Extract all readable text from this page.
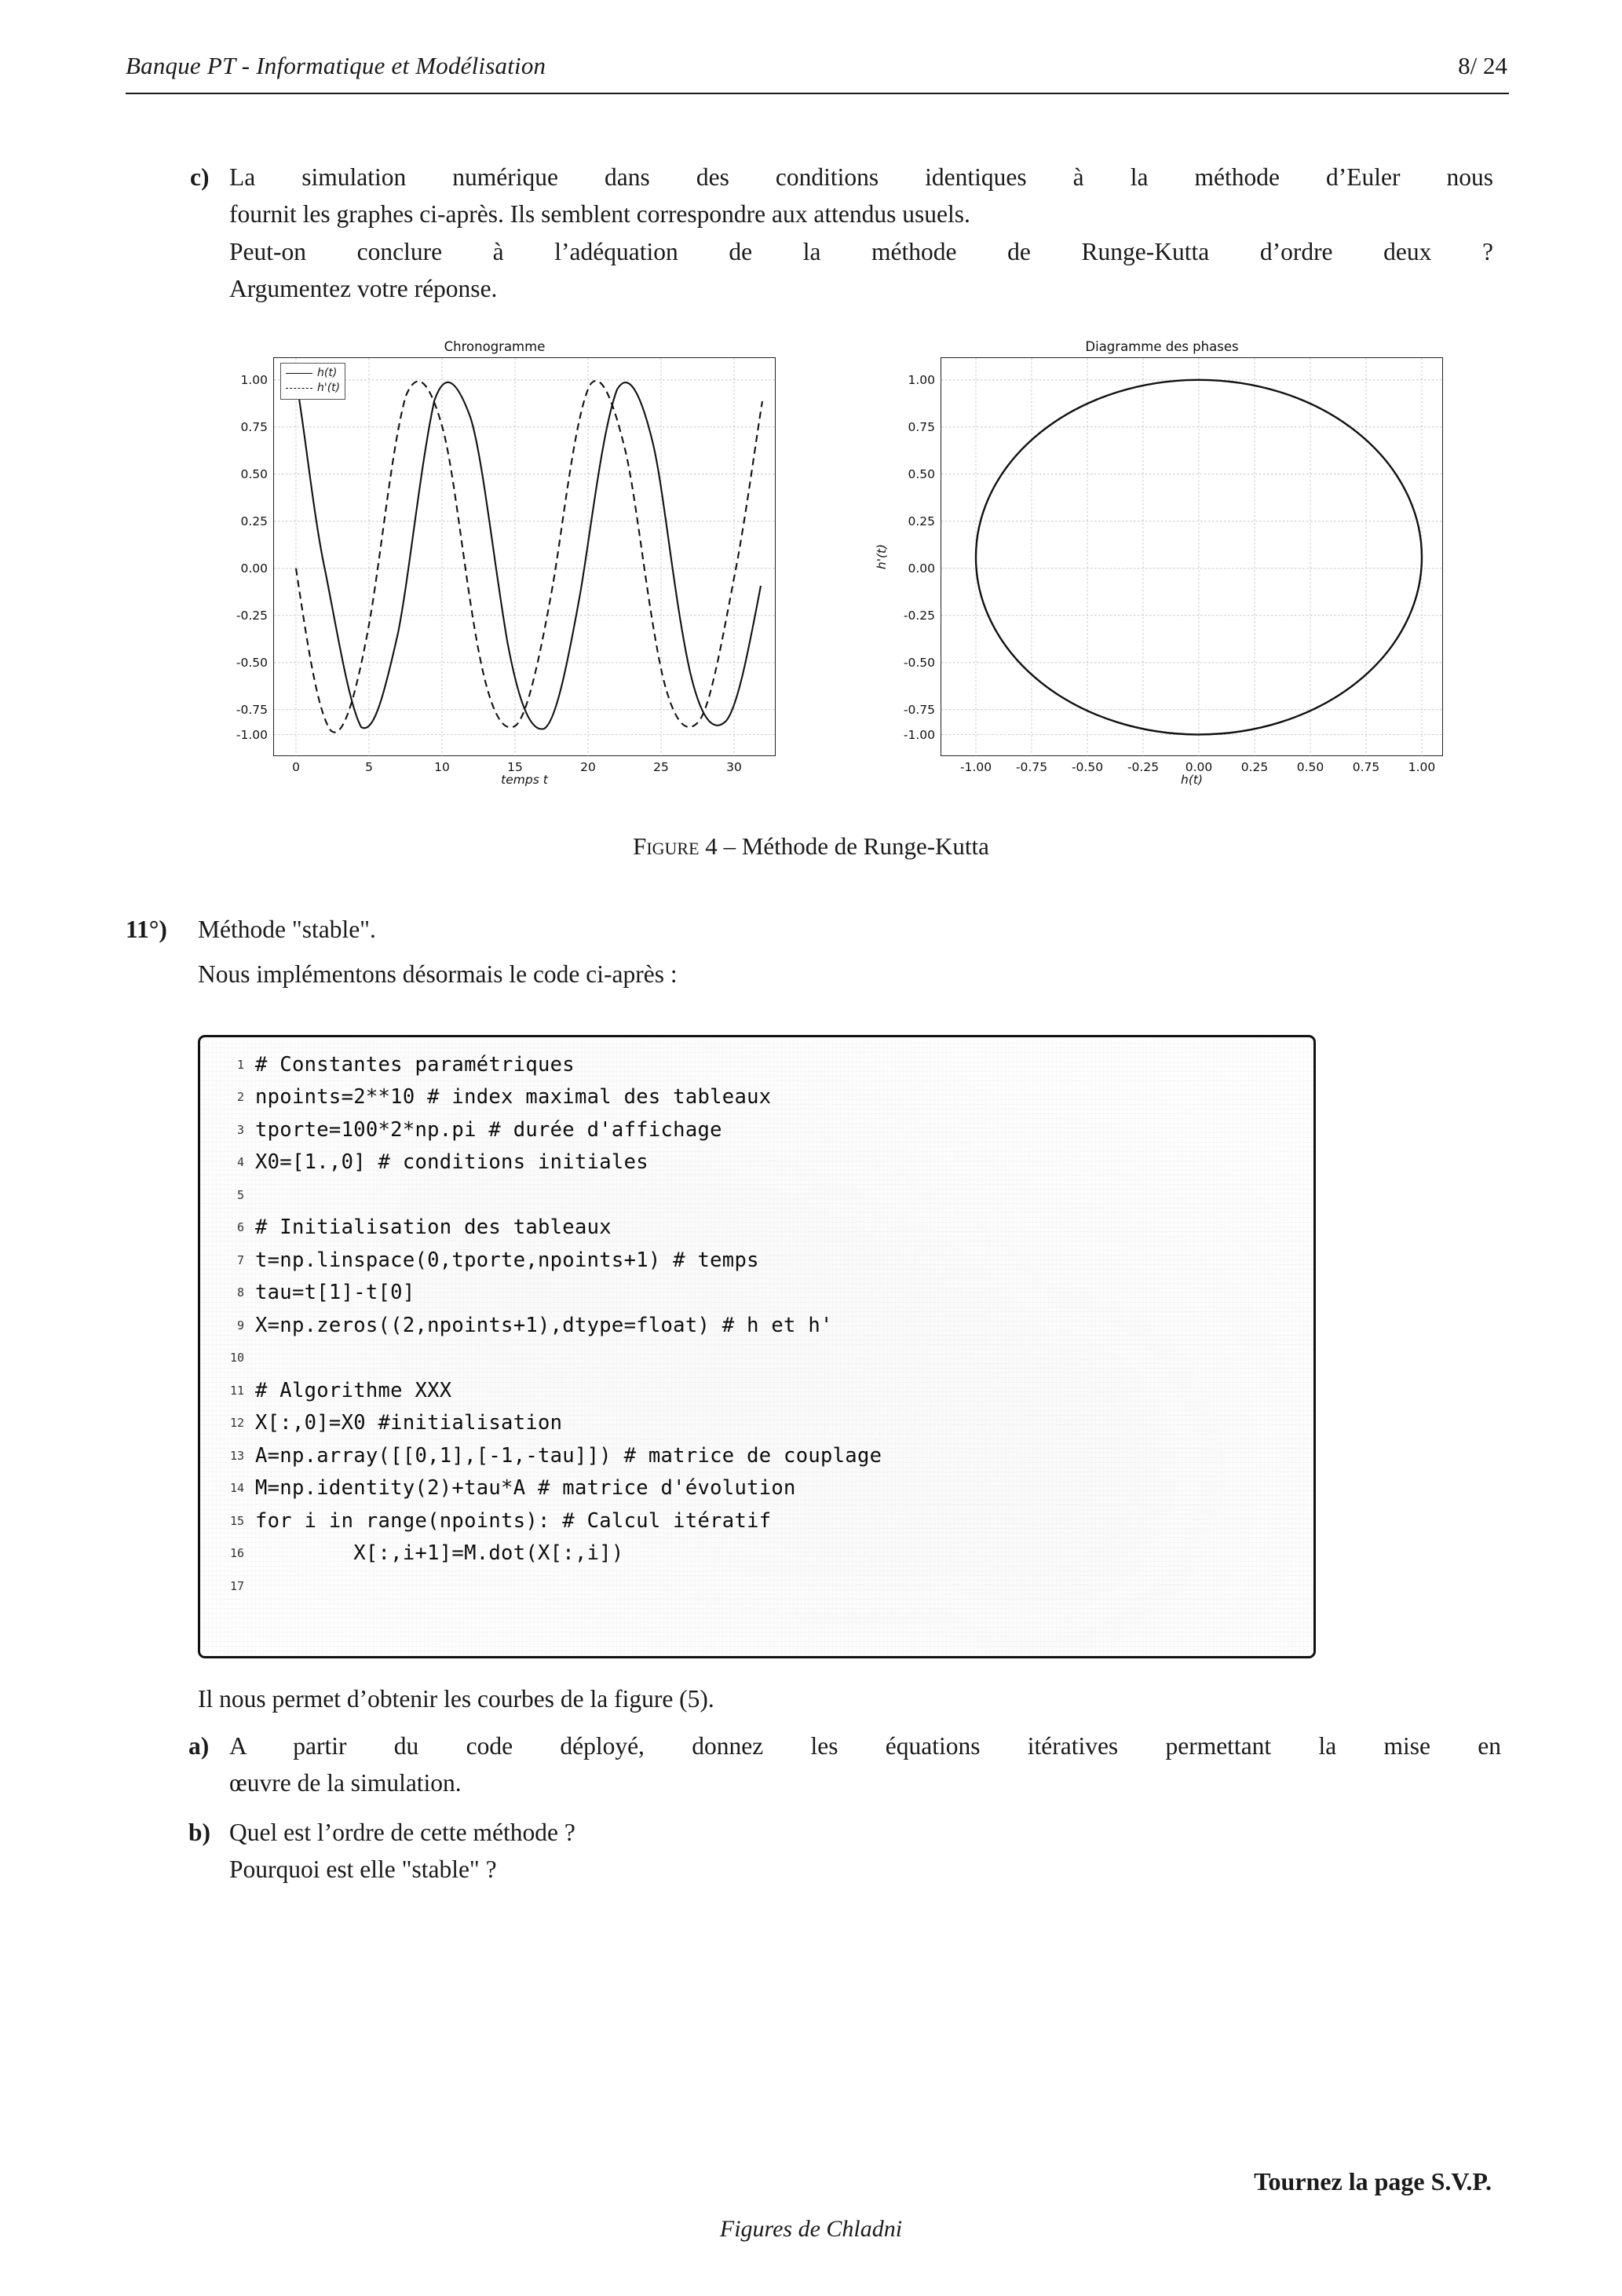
Banque PT - Informatique et Modélisation	8/ 24
c) La simulation numérique dans des conditions identiques à la méthode d’Euler nous

fournit les graphes ci-après. Ils semblent correspondre aux attendus usuels.

Peut-on conclure à l’adéquation de la méthode de Runge-Kutta d’ordre deux ?

Argumentez votre réponse.

Chronogramme
h(t)
h'(t)
1.00
0.75
0.50
0.25
0.00
-0.25
-0.50
-0.75
-1.00
0	5	10	15	20	25	30
temps t
Diagramme des phases
1.00
0.75
0.50
0.25
0.00
-0.25
-0.50
-0.75
-1.00
-1.00 -0.75 -0.50 -0.25 0.00 0.25 0.50 0.75 1.00
h(t)
h'(t)
Figure 4 – Méthode de Runge-Kutta
11°) Méthode "stable".
Nous implémentons désormais le code ci-après :
1 # Constantes paramétriques
2 npoints=2**10 # index maximal des tableaux
3 tporte=100*2*np.pi # durée d'affichage
4 X0=[1.,0] # conditions initiales
5
6 # Initialisation des tableaux
7 t=np.linspace(0,tporte,npoints+1) # temps
8 tau=t[1]-t[0]
9 X=np.zeros((2,npoints+1),dtype=float) # h et h'
10
11 # Algorithme XXX
12 X[:,0]=X0 #initialisation
13 A=np.array([[0,1],[-1,-tau]]) # matrice de couplage
14 M=np.identity(2)+tau*A # matrice d'évolution
15 for i in range(npoints): # Calcul itératif
16 X[:,i+1]=M.dot(X[:,i])
17
Il nous permet d’obtenir les courbes de la figure (5).
a) A partir du code déployé, donnez les équations itératives permettant la mise en

œuvre de la simulation.

b) Quel est l’ordre de cette méthode ?

Pourquoi est elle "stable" ?

Tournez la page S.V.P.
Figures de Chladni
